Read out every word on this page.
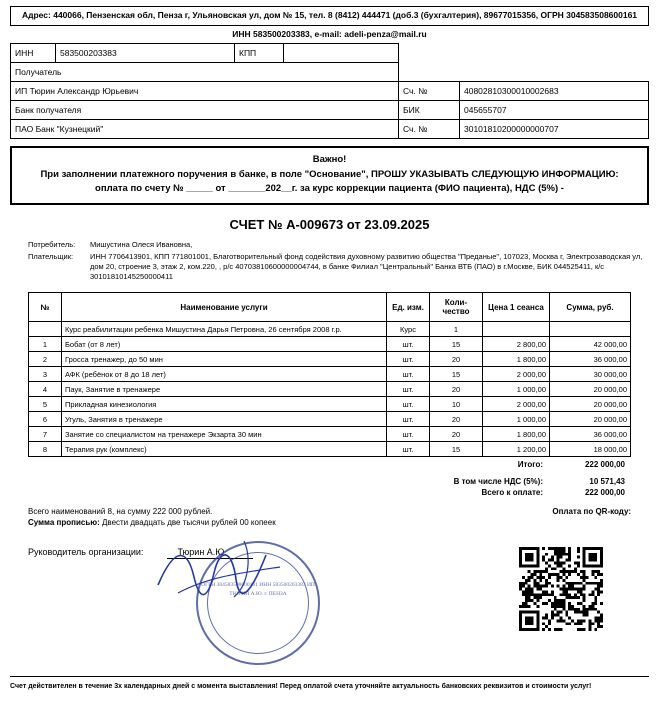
Адрес: 440066, Пензенская обл, Пенза г, Ульяновская ул, дом № 15, тел. 8 (8412) 444471 (доб.3 (бухгалтерия), 89677015356, ОГРН 304583508600161
ИНН 583500203383, e-mail: adeli-penza@mail.ru
ИНН	583500203383	КПП			
Получатель					
ИП Тюрин Александр Юрьевич				Сч. №	40802810300010002683
Банк получателя				БИК	045655707
ПАО Банк "Кузнецкий"				Сч. №	30101810200000000707
Важно!
При заполнении платежного поручения в банке, в поле "Основание", ПРОШУ УКАЗЫВАТЬ СЛЕДУЮЩУЮ ИНФОРМАЦИЮ: оплата по счету № _____ от _______202__г. за курс коррекции пациента (ФИО пациента), НДС (5%) -
СЧЕТ № А-009673 от 23.09.2025
Потребитель:	Мишустина Олеся Ивановна,
Плательщик:	ИНН 7706413901, КПП 771801001, Благотворительный фонд содействия духовному развитию общества "Преданые", 107023, Москва г, Электрозаводская ул, дом 20, строение 3, этаж 2, ком.220, , р/с 40703810600000004744, в банке Филиал "Центральный" Банка ВТБ (ПАО) в г.Москве, БИК 044525411, к/с 30101810145250000411
№	Наименование услуги	Ед. изм.	Коли- чество	Цена 1 сеанса	Сумма, руб.
	Курс реабилитации ребенка Мишустина Дарья Петровна, 26 сентября 2008 г.р.	Курс	1		
1	Бобат (от 8 лет)	шт.	15	2 800,00	42 000,00
2	Гросса тренажер, до 50 мин	шт.	20	1 800,00	36 000,00
3	АФК (ребёнок от 8 до 18 лет)	шт.	15	2 000,00	30 000,00
4	Паук, Занятие в тренажере	шт.	20	1 000,00	20 000,00
5	Прикладная кинезиология	шт.	10	2 000,00	20 000,00
6	Угуль, Занятия в тренажере	шт.	20	1 000,00	20 000,00
7	Занятие со специалистом на тренажере Экзарта 30 мин	шт.	20	1 800,00	36 000,00
8	Терапия рук (комплекс)	шт.	15	1 200,00	18 000,00
Итого:	222 000,00
В том числе НДС (5%):	10 571,43
Всего к оплате:	222 000,00
Всего наименований 8, на сумму 222 000 рублей.
Сумма прописью: Двести двадцать две тысячи рублей 00 копеек
Оплата по QR-коду:
Руководитель организации:	Тюрин А.Ю.
ОГРН 304583508600161 ИНН 583500203383 ИП ТЮРИН А.Ю. г. ПЕНЗА
Счет действителен в течение 3х календарных дней с момента выставления! Перед оплатой счета уточняйте актуальность банковских реквизитов и стоимости услуг!
